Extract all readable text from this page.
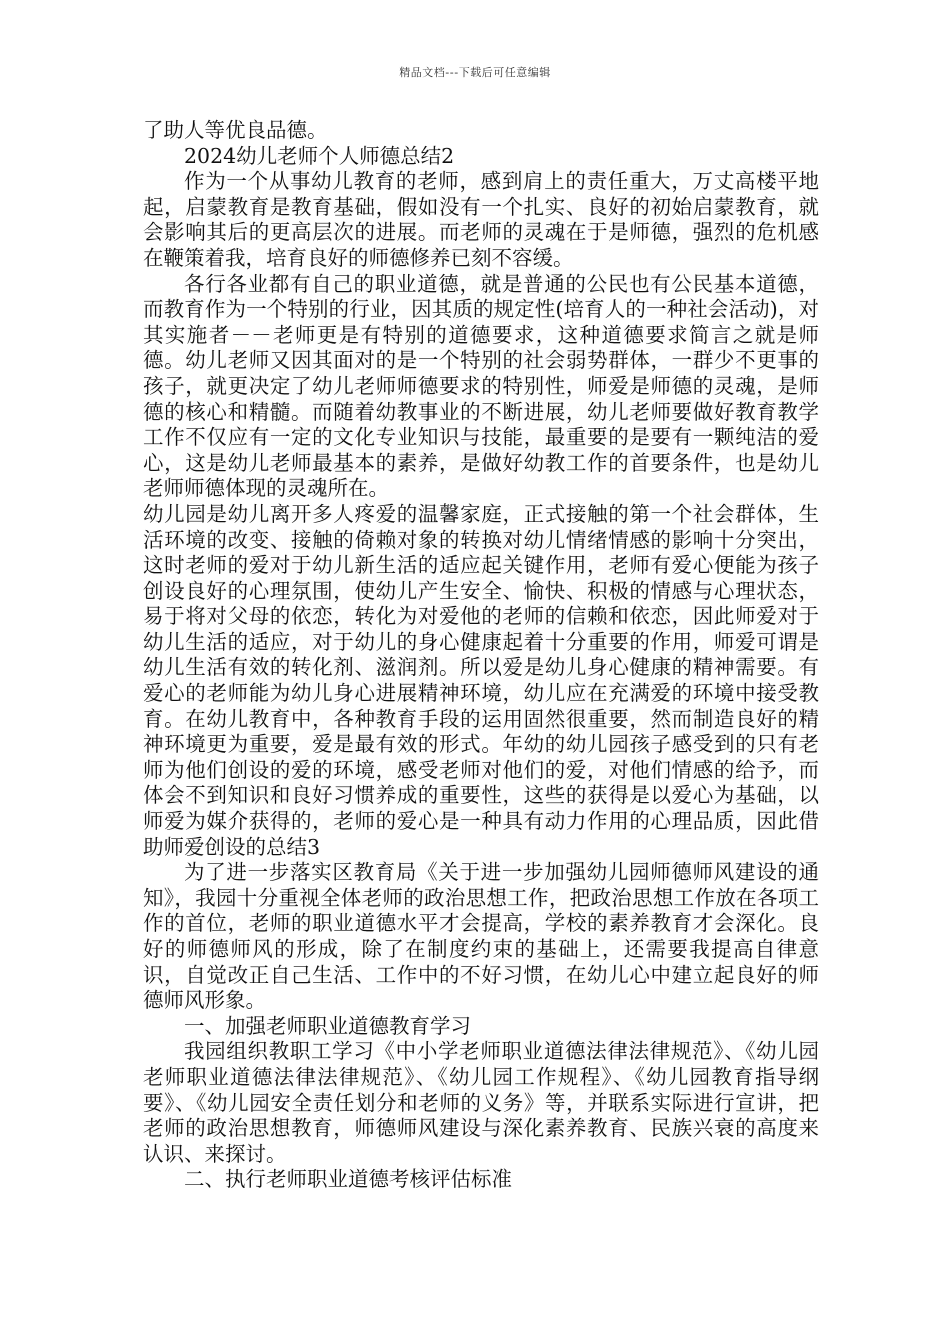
精品文档---下载后可任意编辑

了助人等优良品德。

2024幼儿老师个人师德总结2

作为一个从事幼儿教育的老师，感到肩上的责任重大，万丈高楼平地起，启蒙教育是教育基础，假如没有一个扎实、良好的初始启蒙教育，就会影响其后的更高层次的进展。而老师的灵魂在于是师德，强烈的危机感在鞭策着我，培育良好的师德修养已刻不容缓。

各行各业都有自己的职业道德，就是普通的公民也有公民基本道德，而教育作为一个特别的行业，因其质的规定性(培育人的一种社会活动)，对其实施者－－老师更是有特别的道德要求，这种道德要求简言之就是师德。幼儿老师又因其面对的是一个特别的社会弱势群体，一群少不更事的孩子，就更决定了幼儿老师师德要求的特别性，师爱是师德的灵魂，是师德的核心和精髓。而随着幼教事业的不断进展，幼儿老师要做好教育教学工作不仅应有一定的文化专业知识与技能，最重要的是要有一颗纯洁的爱心，这是幼儿老师最基本的素养，是做好幼教工作的首要条件，也是幼儿老师师德体现的灵魂所在。

幼儿园是幼儿离开多人疼爱的温馨家庭，正式接触的第一个社会群体，生活环境的改变、接触的倚赖对象的转换对幼儿情绪情感的影响十分突出，这时老师的爱对于幼儿新生活的适应起关键作用，老师有爱心便能为孩子创设良好的心理氛围，使幼儿产生安全、愉快、积极的情感与心理状态，易于将对父母的依恋，转化为对爱他的老师的信赖和依恋，因此师爱对于幼儿生活的适应，对于幼儿的身心健康起着十分重要的作用，师爱可谓是幼儿生活有效的转化剂、滋润剂。所以爱是幼儿身心健康的精神需要。有爱心的老师能为幼儿身心进展精神环境，幼儿应在充满爱的环境中接受教育。在幼儿教育中，各种教育手段的运用固然很重要，然而制造良好的精神环境更为重要，爱是最有效的形式。年幼的幼儿园孩子感受到的只有老师为他们创设的爱的环境，感受老师对他们的爱，对他们情感的给予，而体会不到知识和良好习惯养成的重要性，这些的获得是以爱心为基础，以师爱为媒介获得的，老师的爱心是一种具有动力作用的心理品质，因此借助师爱创设的总结3

为了进一步落实区教育局《关于进一步加强幼儿园师德师风建设的通知》，我园十分重视全体老师的政治思想工作，把政治思想工作放在各项工作的首位，老师的职业道德水平才会提高，学校的素养教育才会深化。良好的师德师风的形成，除了在制度约束的基础上，还需要我提高自律意识，自觉改正自己生活、工作中的不好习惯，在幼儿心中建立起良好的师德师风形象。

一、加强老师职业道德教育学习

我园组织教职工学习《中小学老师职业道德法律法律规范》、《幼儿园老师职业道德法律法律规范》、《幼儿园工作规程》、《幼儿园教育指导纲要》、《幼儿园安全责任划分和老师的义务》等，并联系实际进行宣讲，把老师的政治思想教育，师德师风建设与深化素养教育、民族兴衰的高度来认识、来探讨。

二、执行老师职业道德考核评估标准
